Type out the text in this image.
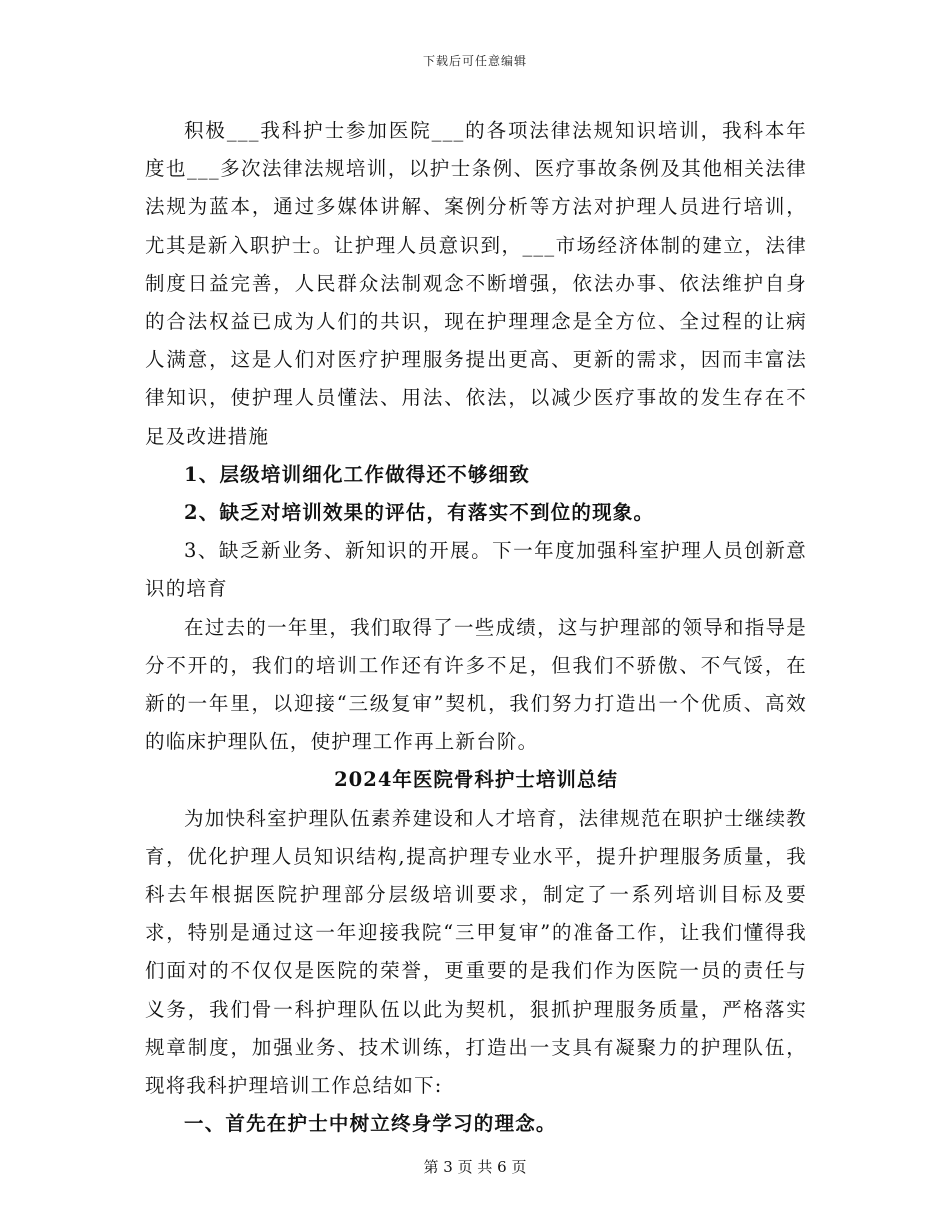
下载后可任意编辑

积极___我科护士参加医院___的各项法律法规知识培训，我科本年度也___多次法律法规培训，以护士条例、医疗事故条例及其他相关法律法规为蓝本，通过多媒体讲解、案例分析等方法对护理人员进行培训，尤其是新入职护士。让护理人员意识到，___市场经济体制的建立，法律制度日益完善，人民群众法制观念不断增强，依法办事、依法维护自身的合法权益已成为人们的共识，现在护理理念是全方位、全过程的让病人满意，这是人们对医疗护理服务提出更高、更新的需求，因而丰富法律知识，使护理人员懂法、用法、依法，以减少医疗事故的发生存在不足及改进措施

1、层级培训细化工作做得还不够细致

2、缺乏对培训效果的评估，有落实不到位的现象。

3、缺乏新业务、新知识的开展。下一年度加强科室护理人员创新意识的培育

在过去的一年里，我们取得了一些成绩，这与护理部的领导和指导是分不开的，我们的培训工作还有许多不足，但我们不骄傲、不气馁，在新的一年里，以迎接“三级复审”契机，我们努力打造出一个优质、高效的临床护理队伍，使护理工作再上新台阶。

2024年医院骨科护士培训总结

为加快科室护理队伍素养建设和人才培育，法律规范在职护士继续教育，优化护理人员知识结构,提高护理专业水平，提升护理服务质量，我科去年根据医院护理部分层级培训要求，制定了一系列培训目标及要求，特别是通过这一年迎接我院“三甲复审”的准备工作，让我们懂得我们面对的不仅仅是医院的荣誉，更重要的是我们作为医院一员的责任与义务，我们骨一科护理队伍以此为契机，狠抓护理服务质量，严格落实规章制度，加强业务、技术训练，打造出一支具有凝聚力的护理队伍，现将我科护理培训工作总结如下:

一、首先在护士中树立终身学习的理念。

第 3 页 共 6 页
